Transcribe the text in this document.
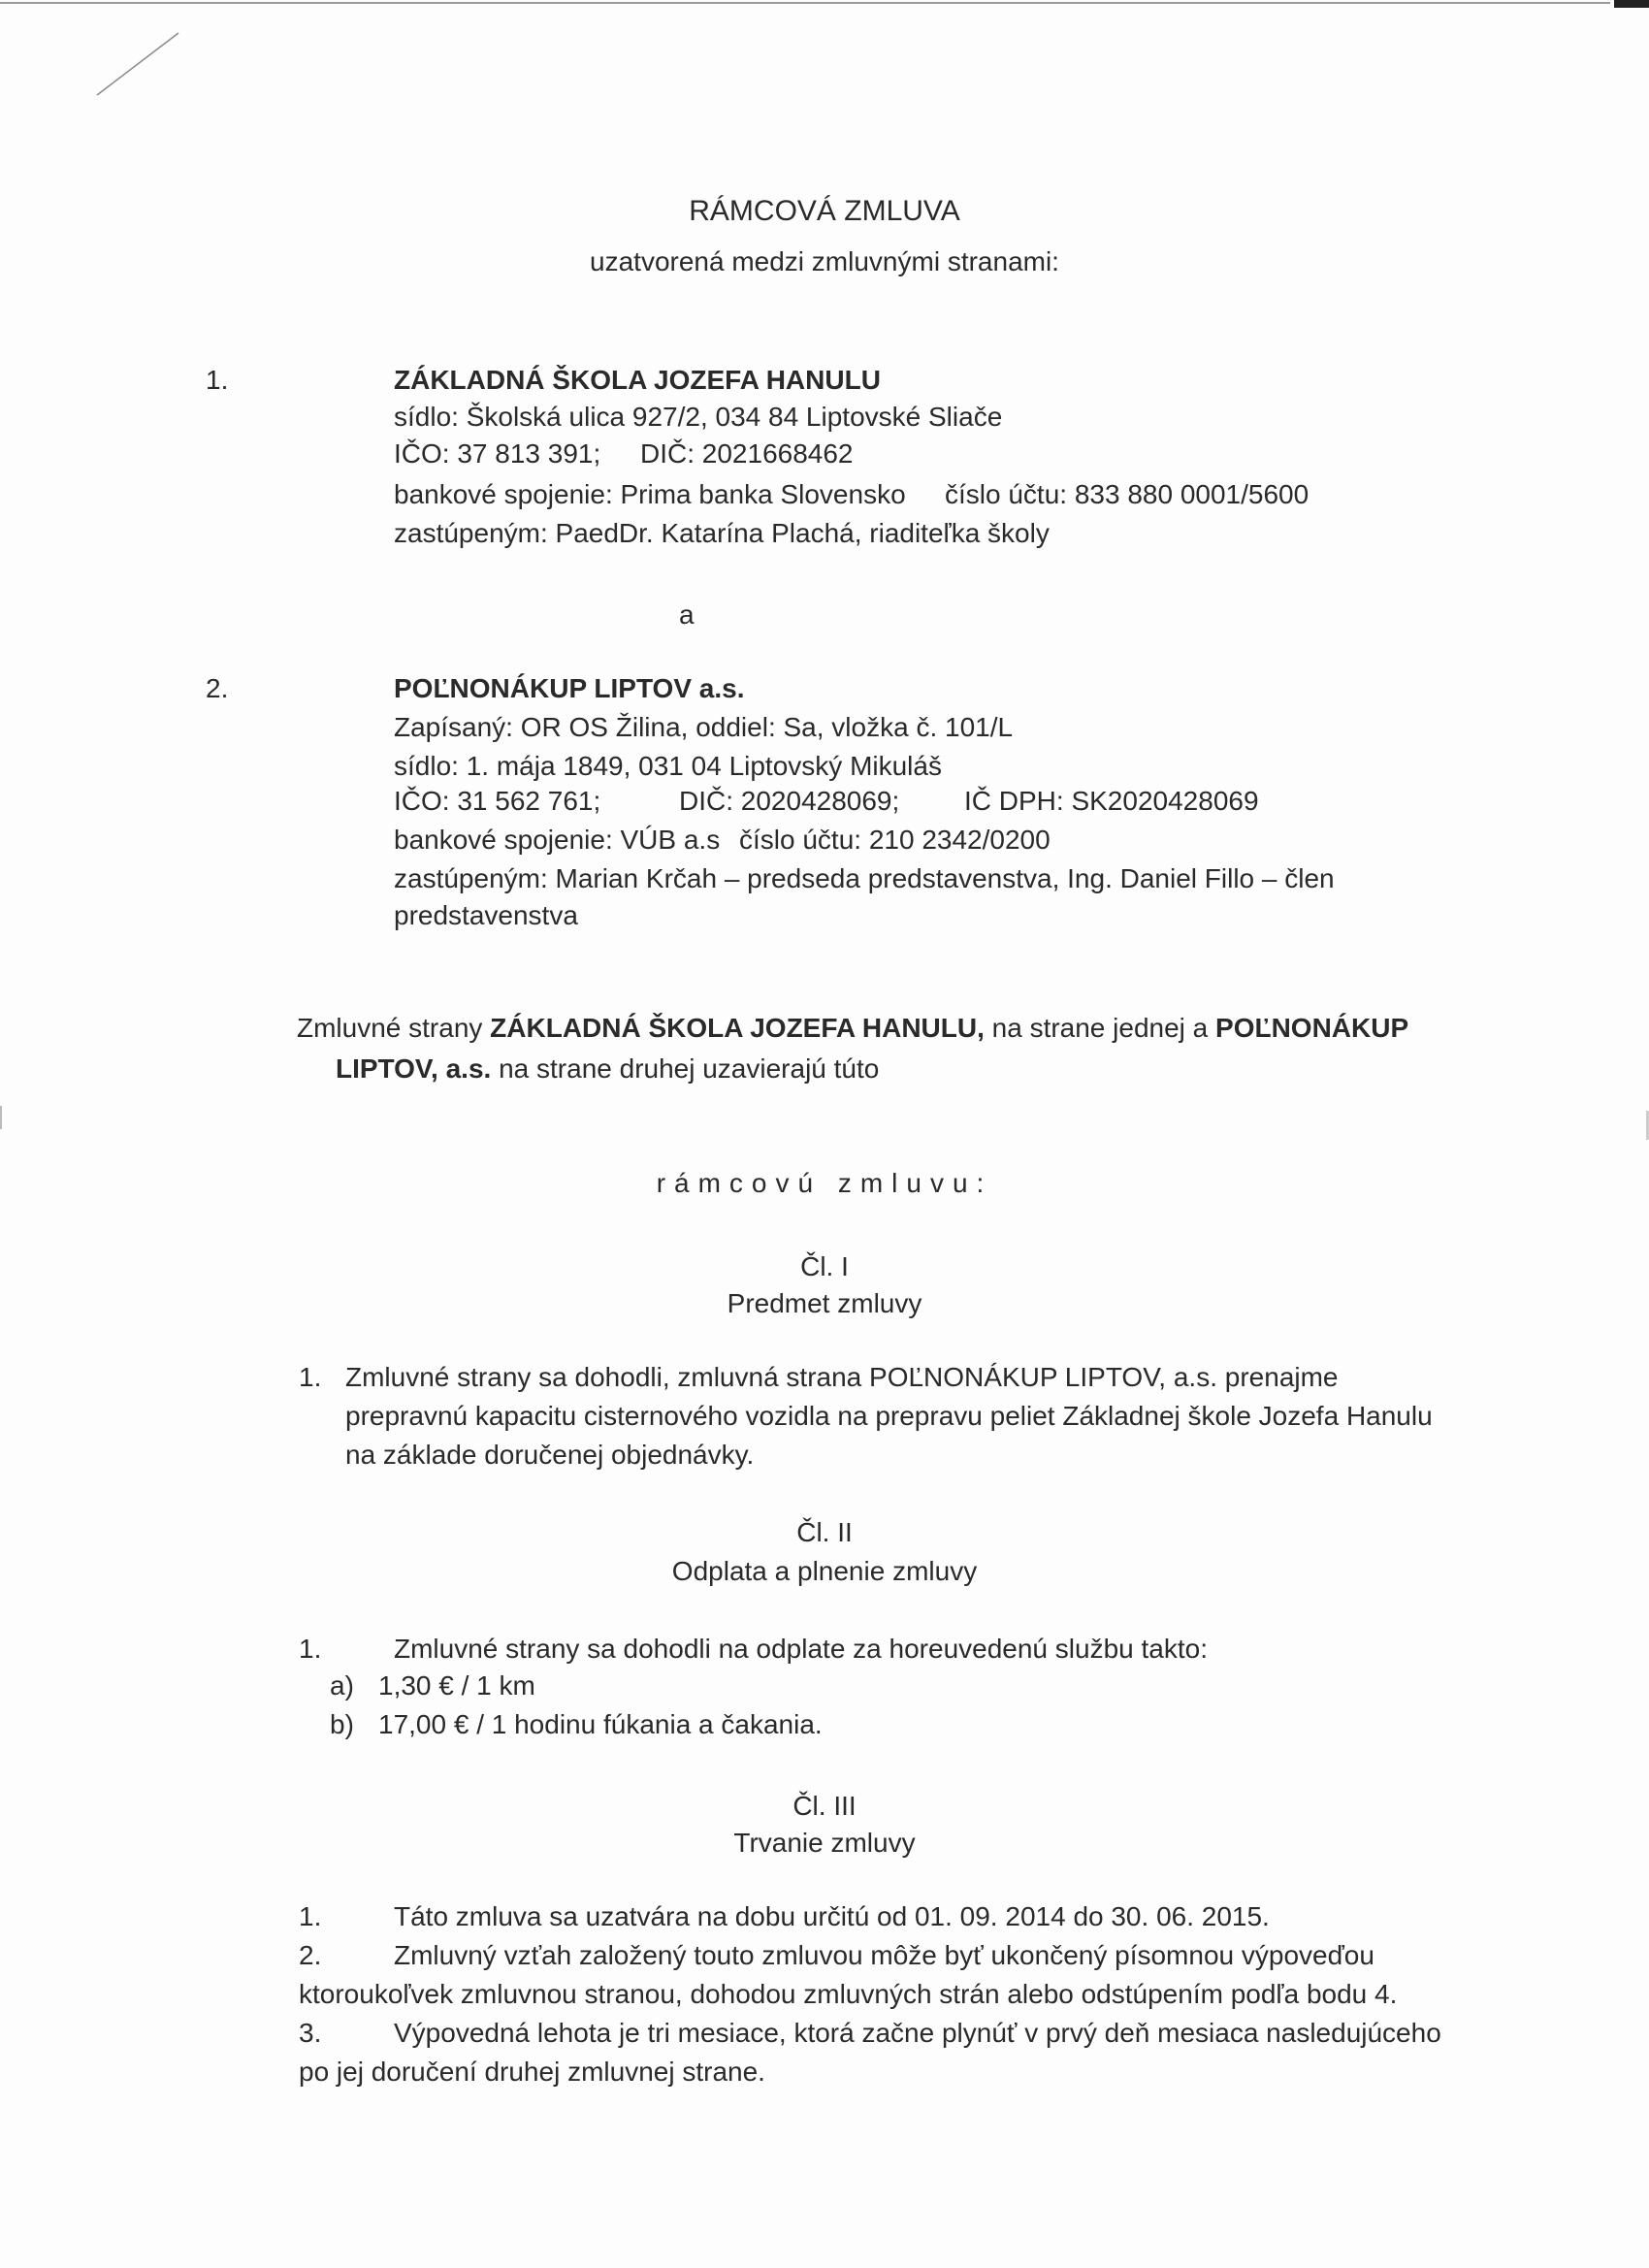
RÁMCOVÁ ZMLUVA
uzatvorená medzi zmluvnými stranami:
1.	ZÁKLADNÁ ŠKOLA JOZEFA HANULU
sídlo: Školská ulica 927/2, 034 84 Liptovské Sliače
IČO: 37 813 391; DIČ: 2021668462
bankové spojenie: Prima banka Slovensko číslo účtu: 833 880 0001/5600
zastúpeným: PaedDr. Katarína Plachá, riaditeľka školy
a
2.	POĽNONÁKUP LIPTOV a.s.
Zapísaný: OR OS Žilina, oddiel: Sa, vložka č. 101/L
sídlo: 1. mája 1849, 031 04 Liptovský Mikuláš
IČO: 31 562 761;	DIČ: 2020428069; IČ DPH: SK2020428069
bankové spojenie: VÚB a.s číslo účtu: 210 2342/0200
zastúpeným: Marian Krčah – predseda predstavenstva, Ing. Daniel Fillo – člen
predstavenstva
Zmluvné strany ZÁKLADNÁ ŠKOLA JOZEFA HANULU, na strane jednej a POĽNONÁKUP
LIPTOV, a.s. na strane druhej uzavierajú túto
rámcovú zmluvu:
Čl. I
Predmet zmluvy
1. Zmluvné strany sa dohodli, zmluvná strana POĽNONÁKUP LIPTOV, a.s. prenajme
prepravnú kapacitu cisternového vozidla na prepravu peliet Základnej škole Jozefa Hanulu
na základe doručenej objednávky.
Čl. II
Odplata a plnenie zmluvy
1.	Zmluvné strany sa dohodli na odplate za horeuvedenú službu takto:
a) 1,30 € / 1 km
b) 17,00 € / 1 hodinu fúkania a čakania.
Čl. III
Trvanie zmluvy
1.	Táto zmluva sa uzatvára na dobu určitú od 01. 09. 2014 do 30. 06. 2015.
2.	Zmluvný vzťah založený touto zmluvou môže byť ukončený písomnou výpoveďou
ktoroukoľvek zmluvnou stranou, dohodou zmluvných strán alebo odstúpením podľa bodu 4.
3.	Výpovedná lehota je tri mesiace, ktorá začne plynúť v prvý deň mesiaca nasledujúceho
po jej doručení druhej zmluvnej strane.
